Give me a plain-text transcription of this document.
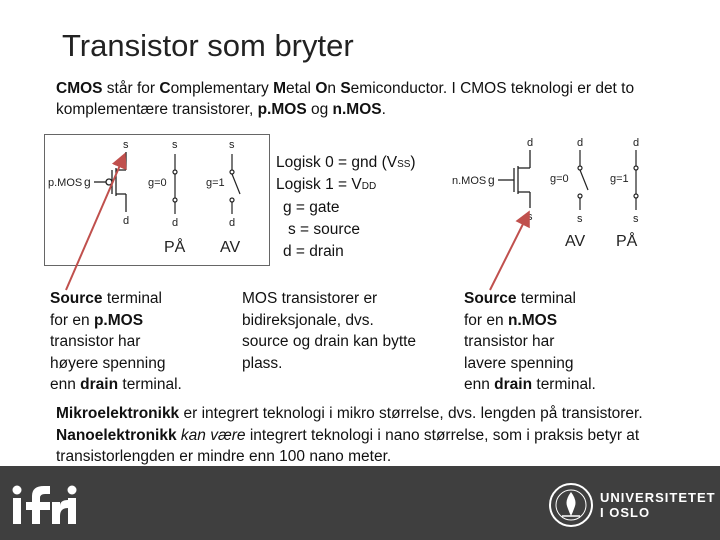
Transistor som bryter
CMOS står for Complementary Metal On Semiconductor. I CMOS teknologi er det to komplementære transistorer, p.MOS og n.MOS.
p.MOS g
s
d
s
g=0
d
s
g=1
d
PÅ AV
Logisk 0 = gnd (VSS)
Logisk 1 = VDD
g = gate
s = source
d = drain
n.MOS g
d
s
d
g=0
s
d
g=1
s
AV PÅ
Source terminal
for en p.MOS
transistor har
høyere spenning
enn drain terminal.
MOS transistorer er
bidireksjonale, dvs.
source og drain kan bytte
plass.
Source terminal
for en n.MOS
transistor har
lavere spenning
enn drain terminal.
Mikroelektronikk er integrert teknologi i mikro størrelse, dvs. lengden på transistorer. Nanoelektronikk kan være integrert teknologi i nano størrelse, som i praksis betyr at transistorlengden er mindre enn 100 nano meter.
UNIVERSITETET
I OSLO
